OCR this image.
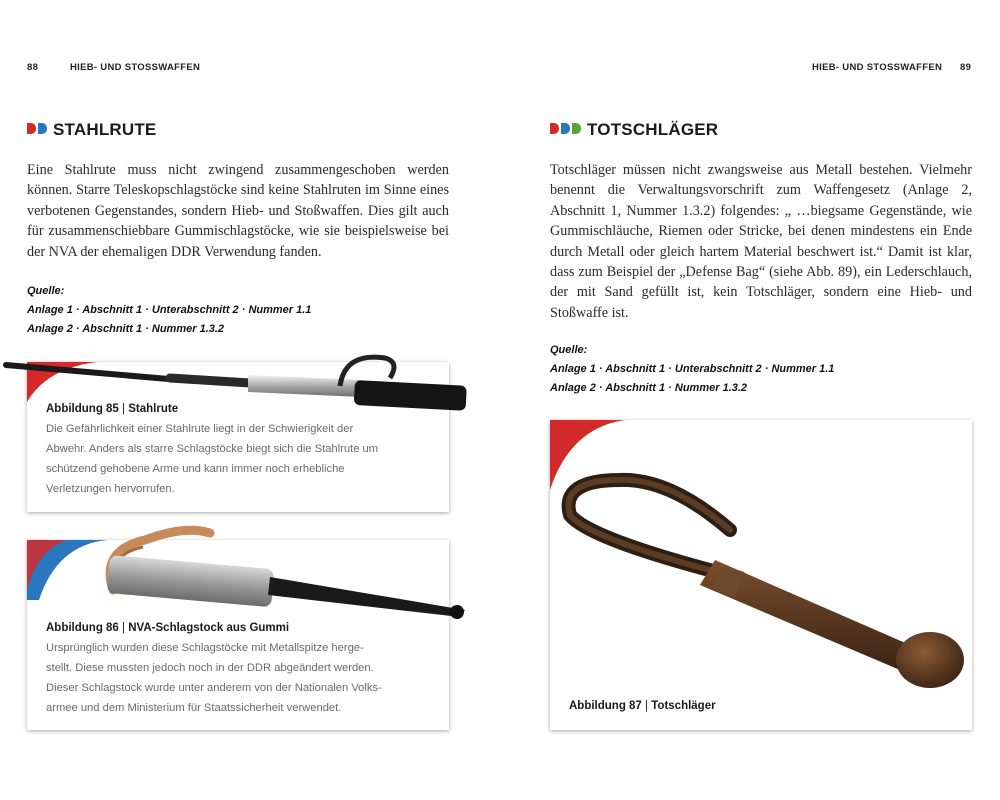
88	HIEB- UND STOSSWAFFEN
STAHLRUTE

Eine Stahlrute muss nicht zwingend zusammengeschoben werden können. Starre Teleskopschlagstöcke sind keine Stahlruten im Sinne eines verbotenen Gegenstandes, sondern Hieb- und Stoßwaffen. Dies gilt auch für zusammenschiebbare Gummischlagstöcke, wie sie beispielsweise bei der NVA der ehemaligen DDR Verwendung fanden.

Quelle:
Anlage 1 · Abschnitt 1 · Unterabschnitt 2 · Nummer 1.1
Anlage 2 · Abschnitt 1 · Nummer 1.3.2
Abbildung 85 | Stahlrute
Die Gefährlichkeit einer Stahlrute liegt in der Schwierigkeit der
Abwehr. Anders als starre Schlagstöcke biegt sich die Stahlrute um
schützend gehobene Arme und kann immer noch erhebliche
Verletzungen hervorrufen.
Abbildung 86 | NVA-Schlagstock aus Gummi
Ursprünglich wurden diese Schlagstöcke mit Metallspitze herge-
stellt. Diese mussten jedoch noch in der DDR abgeändert werden.
Dieser Schlagstock wurde unter anderem von der Nationalen Volks-
armee und dem Ministerium für Staatssicherheit verwendet.
HIEB- UND STOSSWAFFEN 89
TOTSCHLÄGER

Totschläger müssen nicht zwangsweise aus Metall bestehen. Vielmehr benennt die Verwaltungsvorschrift zum Waffengesetz (Anlage 2, Abschnitt 1, Nummer 1.3.2) folgendes: „ …biegsame Gegenstände, wie Gummischläuche, Riemen oder Stricke, bei denen mindestens ein Ende durch Metall oder gleich hartem Material beschwert ist.“ Damit ist klar, dass zum Beispiel der „Defense Bag“ (siehe Abb. 89), ein Lederschlauch, der mit Sand gefüllt ist, kein Totschläger, sondern eine Hieb- und Stoßwaffe ist.

Quelle:
Anlage 1 · Abschnitt 1 · Unterabschnitt 2 · Nummer 1.1
Anlage 2 · Abschnitt 1 · Nummer 1.3.2
Abbildung 87 | Totschläger
